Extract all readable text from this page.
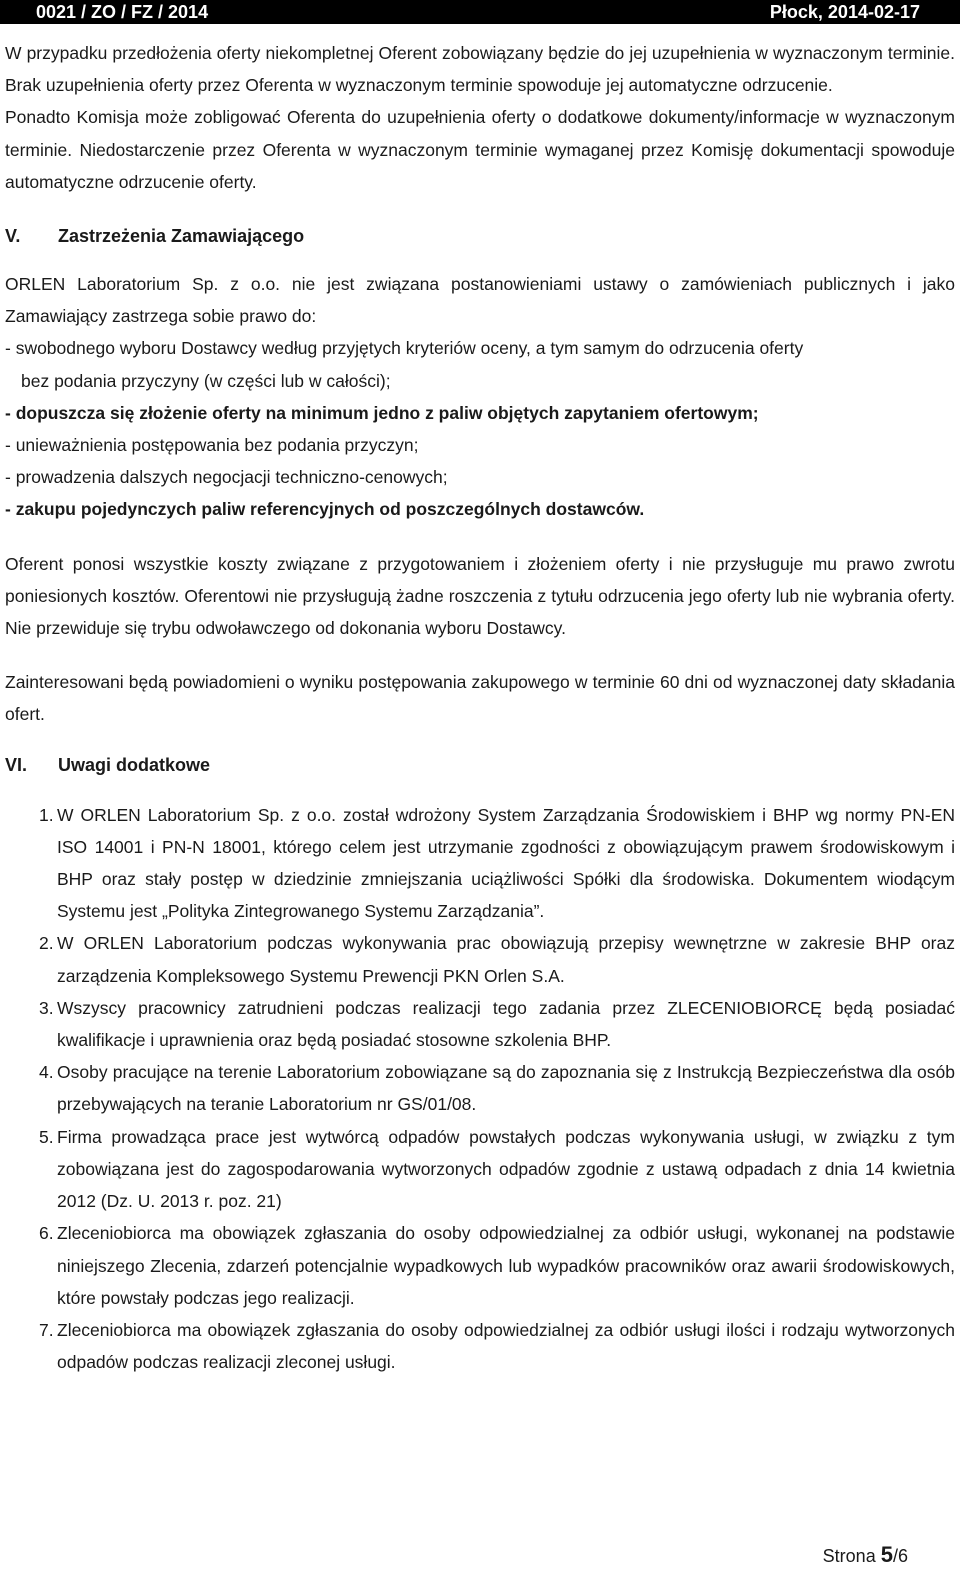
0021 / ZO / FZ / 2014	Płock, 2014-02-17

W przypadku przedłożenia oferty niekompletnej Oferent zobowiązany będzie do jej uzupełnienia w wyznaczonym terminie. Brak uzupełnienia oferty przez Oferenta w wyznaczonym terminie spowoduje jej automatyczne odrzucenie.

Ponadto Komisja może zobligować Oferenta do uzupełnienia oferty o dodatkowe dokumenty/informacje w wyznaczonym terminie. Niedostarczenie przez Oferenta w wyznaczonym terminie wymaganej przez Komisję dokumentacji spowoduje automatyczne odrzucenie oferty.

V.	Zastrzeżenia Zamawiającego

ORLEN Laboratorium Sp. z o.o. nie jest związana postanowieniami ustawy o zamówieniach publicznych i jako Zamawiający zastrzega sobie prawo do:

- swobodnego wyboru Dostawcy według przyjętych kryteriów oceny, a tym samym do odrzucenia oferty
bez podania przyczyny (w części lub w całości);
- dopuszcza się złożenie oferty na minimum jedno z paliw objętych zapytaniem ofertowym;
- unieważnienia postępowania bez podania przyczyn;
- prowadzenia dalszych negocjacji techniczno-cenowych;
- zakupu pojedynczych paliw referencyjnych od poszczególnych dostawców.

Oferent ponosi wszystkie koszty związane z przygotowaniem i złożeniem oferty i nie przysługuje mu prawo zwrotu poniesionych kosztów. Oferentowi nie przysługują żadne roszczenia z tytułu odrzucenia jego oferty lub nie wybrania oferty. Nie przewiduje się trybu odwoławczego od dokonania wyboru Dostawcy.

Zainteresowani będą powiadomieni o wyniku postępowania zakupowego w terminie 60 dni od wyznaczonej daty składania ofert.

VI.	Uwagi dodatkowe
1. W ORLEN Laboratorium Sp. z o.o. został wdrożony System Zarządzania Środowiskiem i BHP wg normy PN-EN ISO 14001 i PN-N 18001, którego celem jest utrzymanie zgodności z obowiązującym prawem środowiskowym i BHP oraz stały postęp w dziedzinie zmniejszania uciążliwości Spółki dla środowiska. Dokumentem wiodącym Systemu jest „Polityka Zintegrowanego Systemu Zarządzania”.
2. W ORLEN Laboratorium podczas wykonywania prac obowiązują przepisy wewnętrzne w zakresie BHP oraz zarządzenia Kompleksowego Systemu Prewencji PKN Orlen S.A.
3. Wszyscy pracownicy zatrudnieni podczas realizacji tego zadania przez ZLECENIOBIORCĘ będą posiadać kwalifikacje i uprawnienia oraz będą posiadać stosowne szkolenia BHP.
4. Osoby pracujące na terenie Laboratorium zobowiązane są do zapoznania się z Instrukcją Bezpieczeństwa dla osób przebywających na teranie Laboratorium nr GS/01/08.
5. Firma prowadząca prace jest wytwórcą odpadów powstałych podczas wykonywania usługi, w związku z tym zobowiązana jest do zagospodarowania wytworzonych odpadów zgodnie z ustawą odpadach z dnia 14 kwietnia 2012 (Dz. U. 2013 r. poz. 21)
6. Zleceniobiorca ma obowiązek zgłaszania do osoby odpowiedzialnej za odbiór usługi, wykonanej na podstawie niniejszego Zlecenia, zdarzeń potencjalnie wypadkowych lub wypadków pracowników oraz awarii środowiskowych, które powstały podczas jego realizacji.
7. Zleceniobiorca ma obowiązek zgłaszania do osoby odpowiedzialnej za odbiór usługi ilości i rodzaju wytworzonych odpadów podczas realizacji zleconej usługi.
Strona 5/6
